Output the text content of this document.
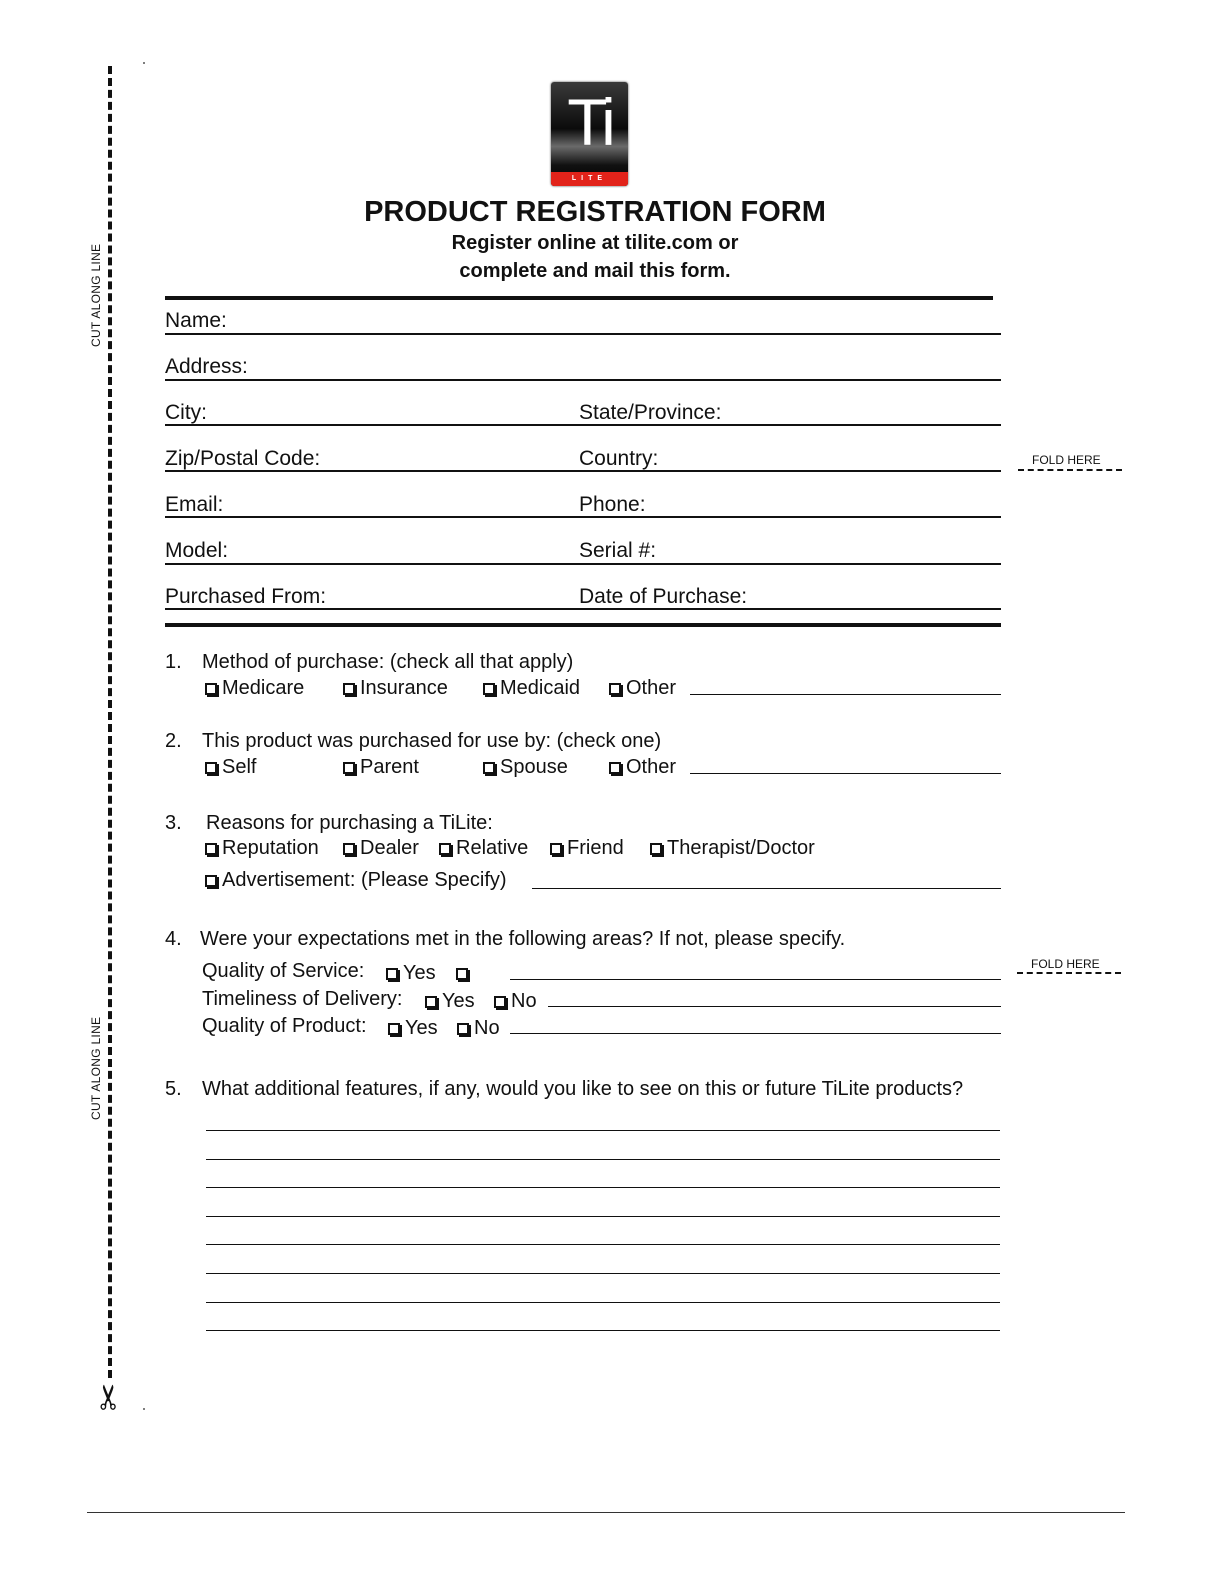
CUT ALONG LINE
CUT ALONG LINE
✂
Ti
LITE
PRODUCT REGISTRATION FORM
Register online at tilite.com or
complete and mail this form.
Name:
Address:
City:	State/Province:
Zip/Postal Code:	Country:
Email:	Phone:
Model:	Serial #:
Purchased From:	Date of Purchase:
FOLD HERE
FOLD HERE
1. Method of purchase: (check all that apply)
Medicare	Insurance	Medicaid	Other
2. This product was purchased for use by: (check one)
Self	Parent	Spouse	Other
3. Reasons for purchasing a TiLite:
Reputation	Dealer	Relative	Friend	Therapist/Doctor
Advertisement: (Please Specify)
4. Were your expectations met in the following areas? If not, please specify.
Quality of Service:	Yes
Timeliness of Delivery:	Yes	No
Quality of Product:	Yes	No
5. What additional features, if any, would you like to see on this or future TiLite products?
